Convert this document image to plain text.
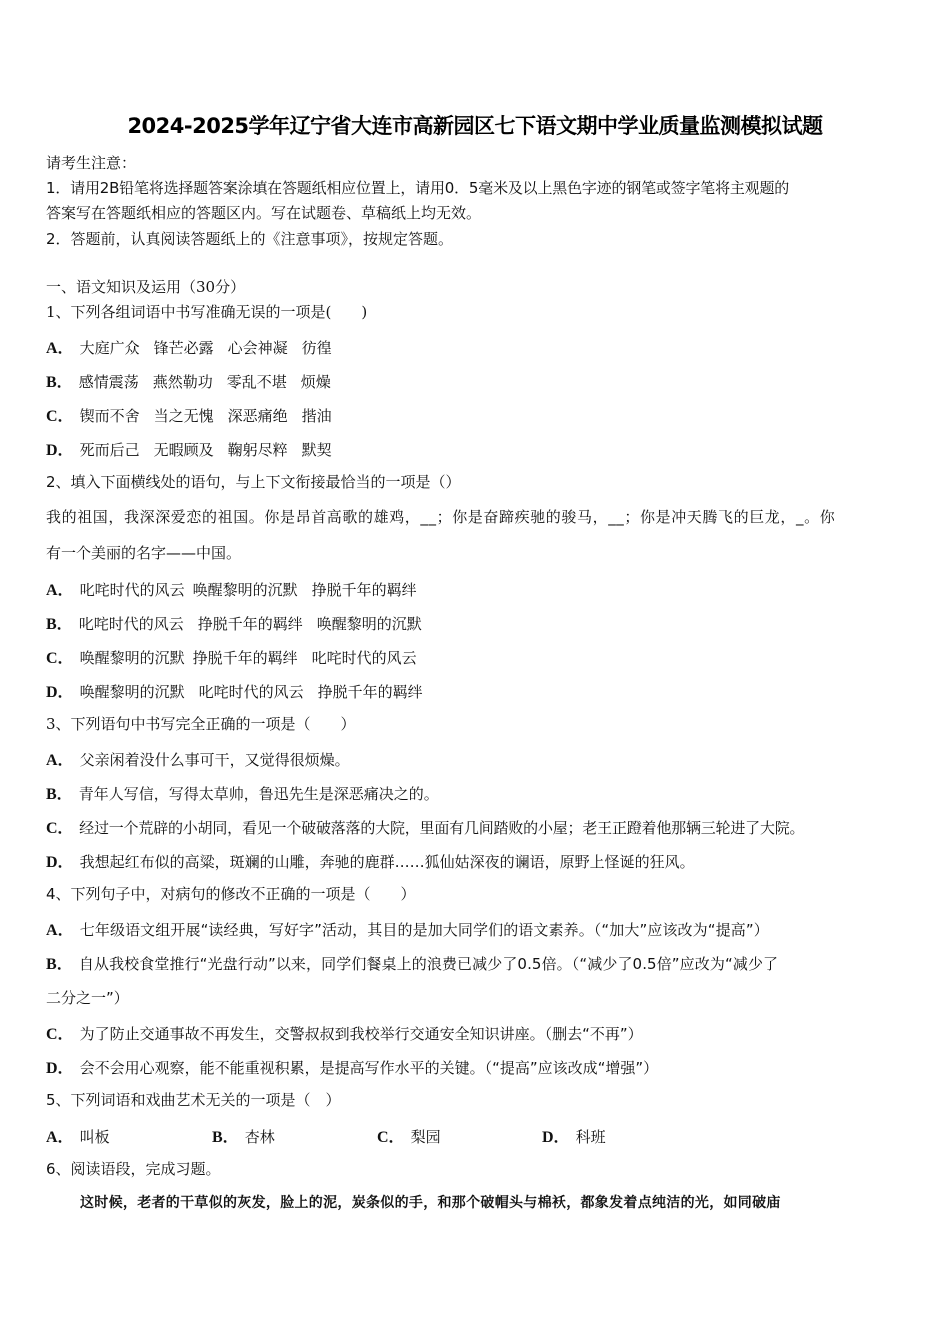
2024-2025学年辽宁省大连市高新园区七下语文期中学业质量监测模拟试题
请考生注意：
1．请用2B铅笔将选择题答案涂填在答题纸相应位置上，请用0．5毫米及以上黑色字迹的钢笔或签字笔将主观题的
答案写在答题纸相应的答题区内。写在试题卷、草稿纸上均无效。
2．答题前，认真阅读答题纸上的《注意事项》，按规定答题。
一、语文知识及运用（30分）
1、下列各组词语中书写准确无误的一项是(　　)
A． 大庭广众 锋芒必露 心会神凝 彷徨
B． 感情震荡 燕然勒功 零乱不堪 烦燥
C． 锲而不舍 当之无愧 深恶痛绝 揩油
D． 死而后己 无暇顾及 鞠躬尽粹 默契
2、填入下面横线处的语句，与上下文衔接最恰当的一项是（）
我的祖国，我深深爱恋的祖国。你是昂首高歌的雄鸡，__；你是奋蹄疾驰的骏马，__；你是冲天腾飞的巨龙，_。你
有一个美丽的名字——中国。
A． 叱咤时代的风云 唤醒黎明的沉默 挣脱千年的羁绊
B． 叱咤时代的风云 挣脱千年的羁绊 唤醒黎明的沉默
C． 唤醒黎明的沉默 挣脱千年的羁绊 叱咤时代的风云
D． 唤醒黎明的沉默 叱咤时代的风云 挣脱千年的羁绊
3、下列语句中书写完全正确的一项是（　　）
A． 父亲闲着没什么事可干，又觉得很烦燥。
B． 青年人写信，写得太草帅，鲁迅先生是深恶痛决之的。
C． 经过一个荒辟的小胡同，看见一个破破落落的大院，里面有几间踏败的小屋；老王正蹬着他那辆三轮进了大院。
D． 我想起红布似的高粱，斑斓的山雕，奔驰的鹿群……狐仙姑深夜的谰语，原野上怪诞的狂风。
4、下列句子中，对病句的修改不正确的一项是（　　）
A． 七年级语文组开展“读经典，写好字”活动，其目的是加大同学们的语文素养。（“加大”应该改为“提高”）
B． 自从我校食堂推行“光盘行动”以来，同学们餐桌上的浪费已减少了0.5倍。（“减少了0.5倍”应改为“减少了
二分之一”）
C． 为了防止交通事故不再发生，交警叔叔到我校举行交通安全知识讲座。（删去“不再”）
D． 会不会用心观察，能不能重视积累，是提高写作水平的关键。（“提高”应该改成“增强”）
5、下列词语和戏曲艺术无关的一项是（　）
A． 叫板	B． 杏林	C． 梨园	D． 科班
6、阅读语段，完成习题。
这时候，老者的干草似的灰发，脸上的泥，炭条似的手，和那个破帽头与棉袄，都象发着点纯洁的光，如同破庙
